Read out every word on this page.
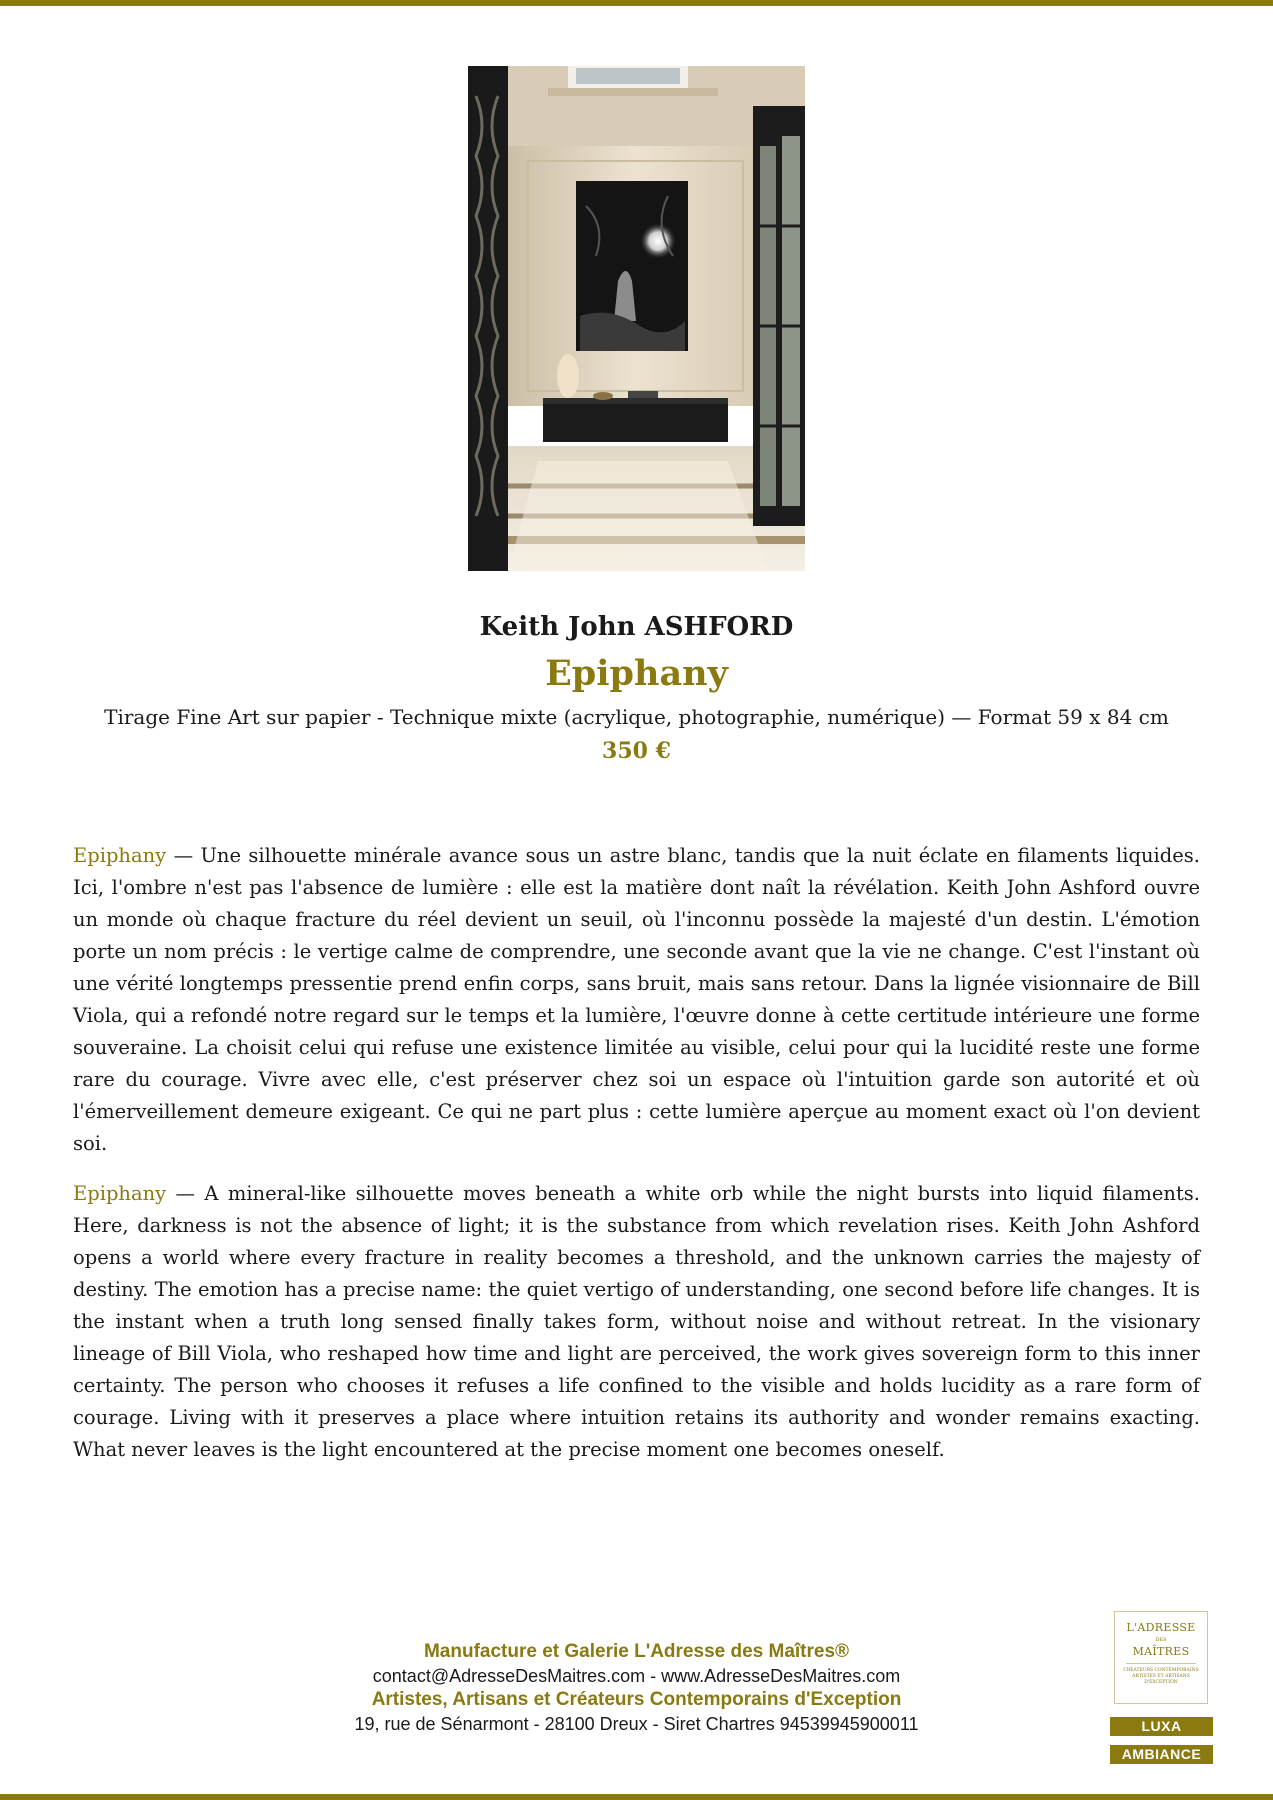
Keith John ASHFORD
Epiphany
Tirage Fine Art sur papier - Technique mixte (acrylique, photographie, numérique) — Format 59 x 84 cm
350 €

Epiphany — Une silhouette minérale avance sous un astre blanc, tandis que la nuit éclate en filaments liquides. Ici, l'ombre n'est pas l'absence de lumière : elle est la matière dont naît la révélation. Keith John Ashford ouvre un monde où chaque fracture du réel devient un seuil, où l'inconnu possède la majesté d'un destin. L'émotion porte un nom précis : le vertige calme de comprendre, une seconde avant que la vie ne change. C'est l'instant où une vérité longtemps pressentie prend enfin corps, sans bruit, mais sans retour. Dans la lignée visionnaire de Bill Viola, qui a refondé notre regard sur le temps et la lumière, l'œuvre donne à cette certitude intérieure une forme souveraine. La choisit celui qui refuse une existence limitée au visible, celui pour qui la lucidité reste une forme rare du courage. Vivre avec elle, c'est préserver chez soi un espace où l'intuition garde son autorité et où l'émerveillement demeure exigeant. Ce qui ne part plus : cette lumière aperçue au moment exact où l'on devient soi.

Epiphany — A mineral-like silhouette moves beneath a white orb while the night bursts into liquid filaments. Here, darkness is not the absence of light; it is the substance from which revelation rises. Keith John Ashford opens a world where every fracture in reality becomes a threshold, and the unknown carries the majesty of destiny. The emotion has a precise name: the quiet vertigo of understanding, one second before life changes. It is the instant when a truth long sensed finally takes form, without noise and without retreat. In the visionary lineage of Bill Viola, who reshaped how time and light are perceived, the work gives sovereign form to this inner certainty. The person who chooses it refuses a life confined to the visible and holds lucidity as a rare form of courage. Living with it preserves a place where intuition retains its authority and wonder remains exacting. What never leaves is the light encountered at the precise moment one becomes oneself.

Manufacture et Galerie L'Adresse des Maîtres®
contact@AdresseDesMaitres.com - www.AdresseDesMaitres.com
Artistes, Artisans et Créateurs Contemporains d'Exception
19, rue de Sénarmont - 28100 Dreux - Siret Chartres 94539945900011
L'ADRESSE
DES
MAÎTRES
CRÉATEURS CONTEMPORAINS ARTISTES ET ARTISANS D'EXCEPTION
LUXA
AMBIANCE
